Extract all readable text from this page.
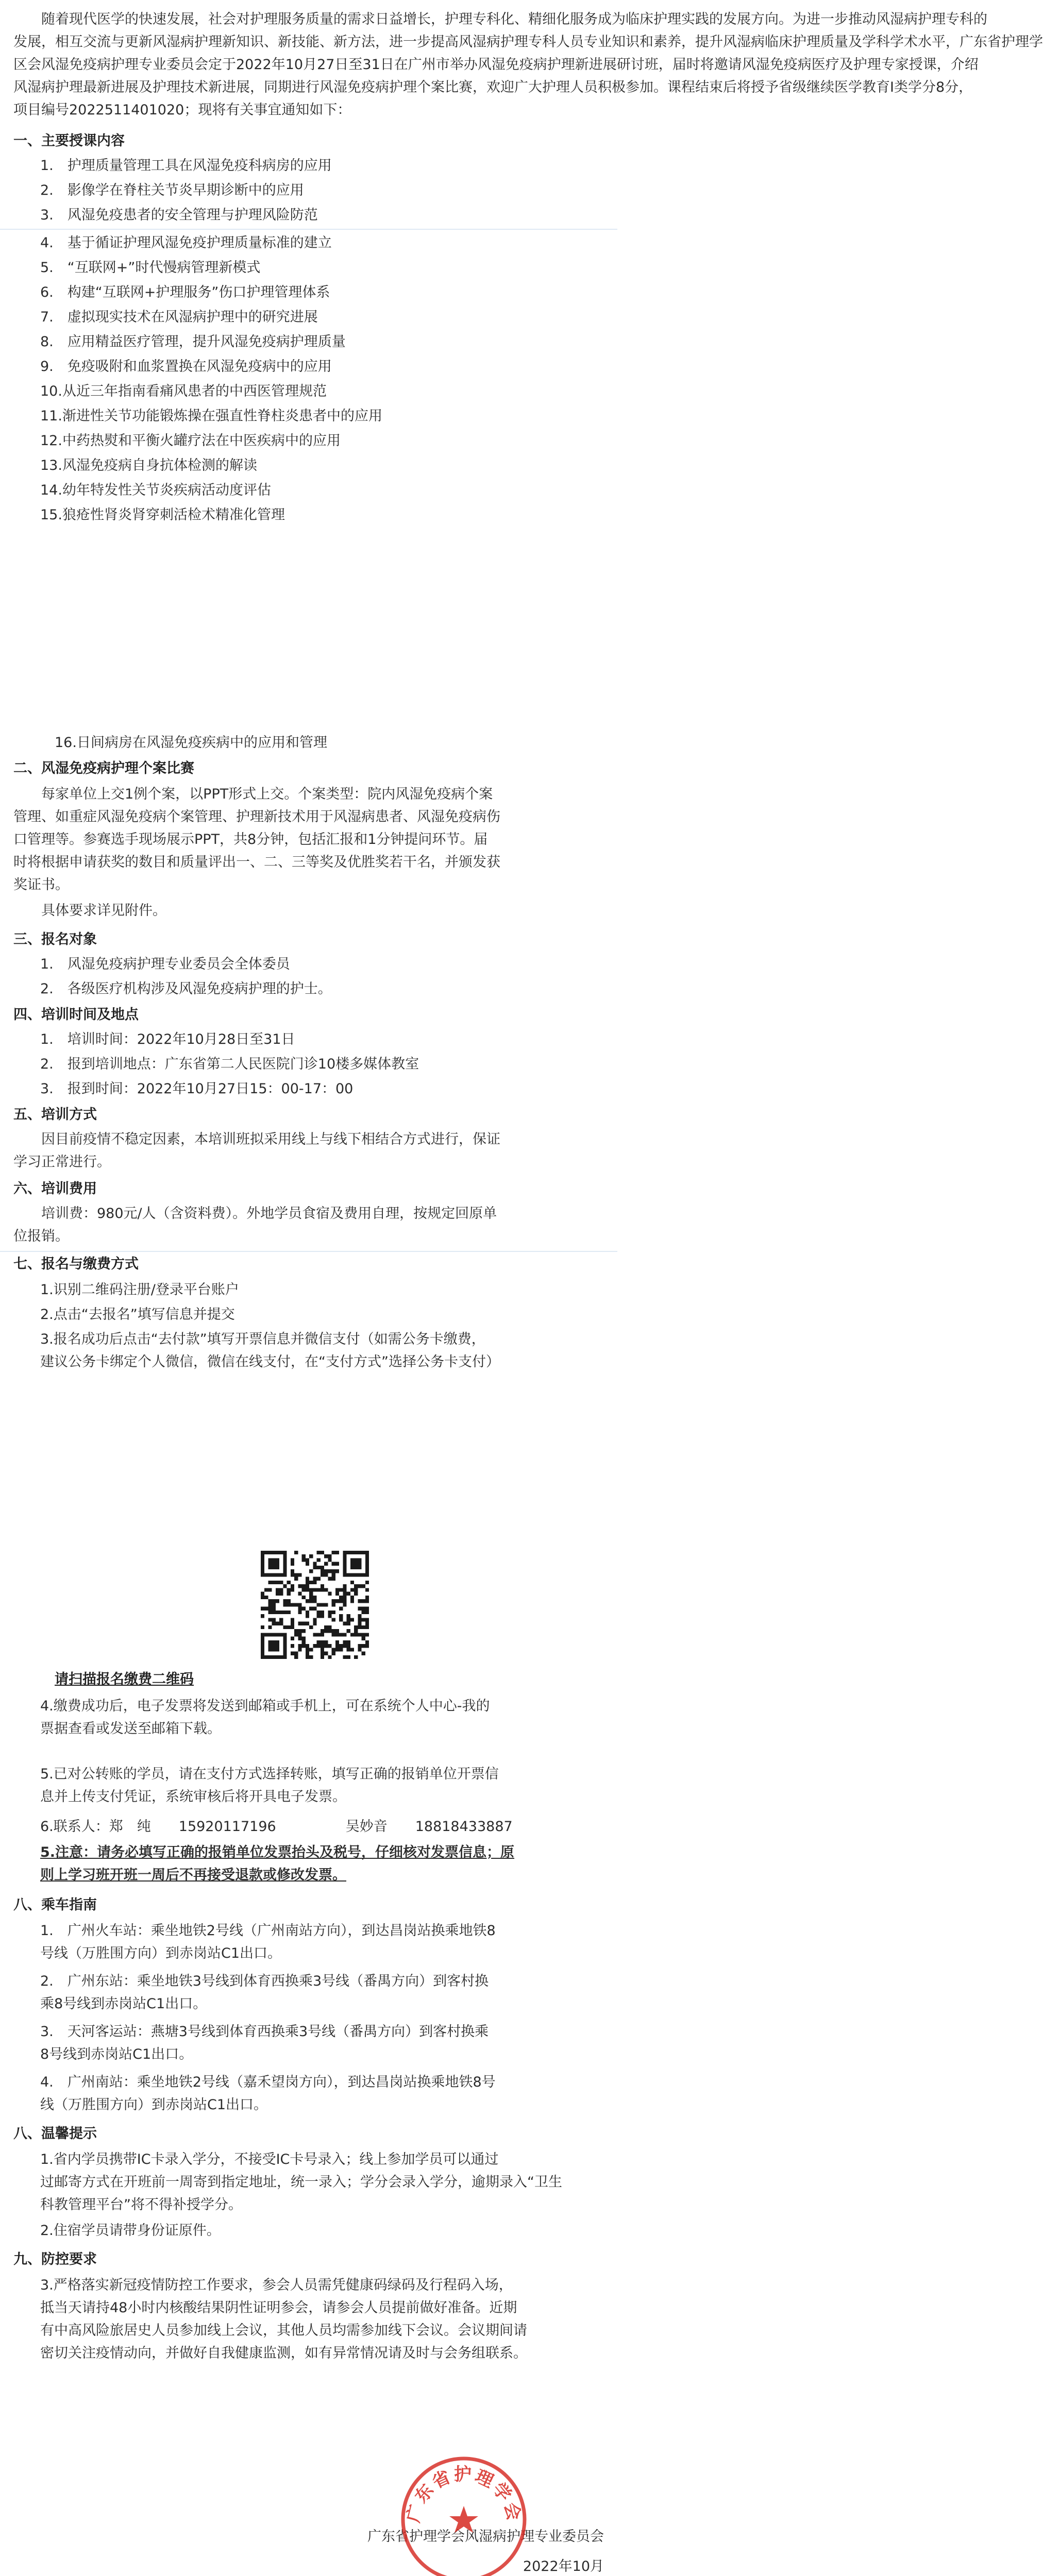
随着现代医学的快速发展，社会对护理服务质量的需求日益增长，护理专科化、精细化服务成为临床护理实践的发展方向。为进一步推动风湿病护理专科的

发展，相互交流与更新风湿病护理新知识、新技能、新方法，进一步提高风湿病护理专科人员专业知识和素养，提升风湿病临床护理质量及学科学术水平，广东省护理学

区会风湿免疫病护理专业委员会定于2022年10月27日至31日在广州市举办风湿免疫病护理新进展研讨班，届时将邀请风湿免疫病医疗及护理专家授课，介绍

风湿病护理最新进展及护理技术新进展，同期进行风湿免疫病护理个案比赛，欢迎广大护理人员积极参加。课程结束后将授予省级继续医学教育Ⅰ类学分8分，

项目编号2022511401020；现将有关事宜通知如下：

一、主要授课内容

1.　护理质量管理工具在风湿免疫科病房的应用

2.　影像学在脊柱关节炎早期诊断中的应用

3.　风湿免疫患者的安全管理与护理风险防范

4.　基于循证护理风湿免疫护理质量标准的建立

5.　“互联网+”时代慢病管理新模式

6.　构建“互联网+护理服务”伤口护理管理体系

7.　虚拟现实技术在风湿病护理中的研究进展

8.　应用精益医疗管理，提升风湿免疫病护理质量

9.　免疫吸附和血浆置换在风湿免疫病中的应用

10.从近三年指南看痛风患者的中西医管理规范

11.渐进性关节功能锻炼操在强直性脊柱炎患者中的应用

12.中药热熨和平衡火罐疗法在中医疾病中的应用

13.风湿免疫病自身抗体检测的解读

14.幼年特发性关节炎疾病活动度评估

15.狼疮性肾炎肾穿刺活检术精准化管理

16.日间病房在风湿免疫疾病中的应用和管理

二、风湿免疫病护理个案比赛

每家单位上交1例个案，以PPT形式上交。个案类型：院内风湿免疫病个案

管理、如重症风湿免疫病个案管理、护理新技术用于风湿病患者、风湿免疫病伤

口管理等。参赛选手现场展示PPT，共8分钟，包括汇报和1分钟提问环节。届

时将根据申请获奖的数目和质量评出一、二、三等奖及优胜奖若干名，并颁发获

奖证书。

具体要求详见附件。

三、报名对象

1.　风湿免疫病护理专业委员会全体委员

2.　各级医疗机构涉及风湿免疫病护理的护士。

四、培训时间及地点

1.　培训时间：2022年10月28日至31日

2.　报到培训地点：广东省第二人民医院门诊10楼多媒体教室

3.　报到时间：2022年10月27日15：00-17：00

五、培训方式

因目前疫情不稳定因素，本培训班拟采用线上与线下相结合方式进行，保证

学习正常进行。

六、培训费用

培训费：980元/人（含资料费）。外地学员食宿及费用自理，按规定回原单

位报销。

七、报名与缴费方式

1.识别二维码注册/登录平台账户

2.点击“去报名”填写信息并提交

3.报名成功后点击“去付款”填写开票信息并微信支付（如需公务卡缴费，

建议公务卡绑定个人微信，微信在线支付，在“支付方式”选择公务卡支付）

请扫描报名缴费二维码

4.缴费成功后，电子发票将发送到邮箱或手机上，可在系统个人中心-我的

票据查看或发送至邮箱下载。

5.已对公转账的学员，请在支付方式选择转账，填写正确的报销单位开票信

息并上传支付凭证，系统审核后将开具电子发票。

6.联系人：郑　纯　　15920117196　　　　　吴妙音　　18818433887

5.注意：请务必填写正确的报销单位发票抬头及税号，仔细核对发票信息；原

则上学习班开班一周后不再接受退款或修改发票。

八、乘车指南

1.　广州火车站：乘坐地铁2号线（广州南站方向），到达昌岗站换乘地铁8

号线（万胜围方向）到赤岗站C1出口。

2.　广州东站：乘坐地铁3号线到体育西换乘3号线（番禺方向）到客村换

乘8号线到赤岗站C1出口。

3.　天河客运站：燕塘3号线到体育西换乘3号线（番禺方向）到客村换乘

8号线到赤岗站C1出口。

4.　广州南站：乘坐地铁2号线（嘉禾望岗方向），到达昌岗站换乘地铁8号

线（万胜围方向）到赤岗站C1出口。

八、温馨提示

1.省内学员携带IC卡录入学分，不接受IC卡号录入；线上参加学员可以通过

过邮寄方式在开班前一周寄到指定地址，统一录入；学分会录入学分，逾期录入“卫生

科教管理平台”将不得补授学分。

2.住宿学员请带身份证原件。

九、防控要求

3.严格落实新冠疫情防控工作要求，参会人员需凭健康码绿码及行程码入场，

抵当天请持48小时内核酸结果阴性证明参会，请参会人员提前做好准备。近期

有中高风险旅居史人员参加线上会议，其他人员均需参加线下会议。会议期间请

密切关注疫情动向，并做好自我健康监测，如有异常情况请及时与会务组联系。

广东省护理学会风湿病护理专业委员会

2022年10月

广东省护理学会
